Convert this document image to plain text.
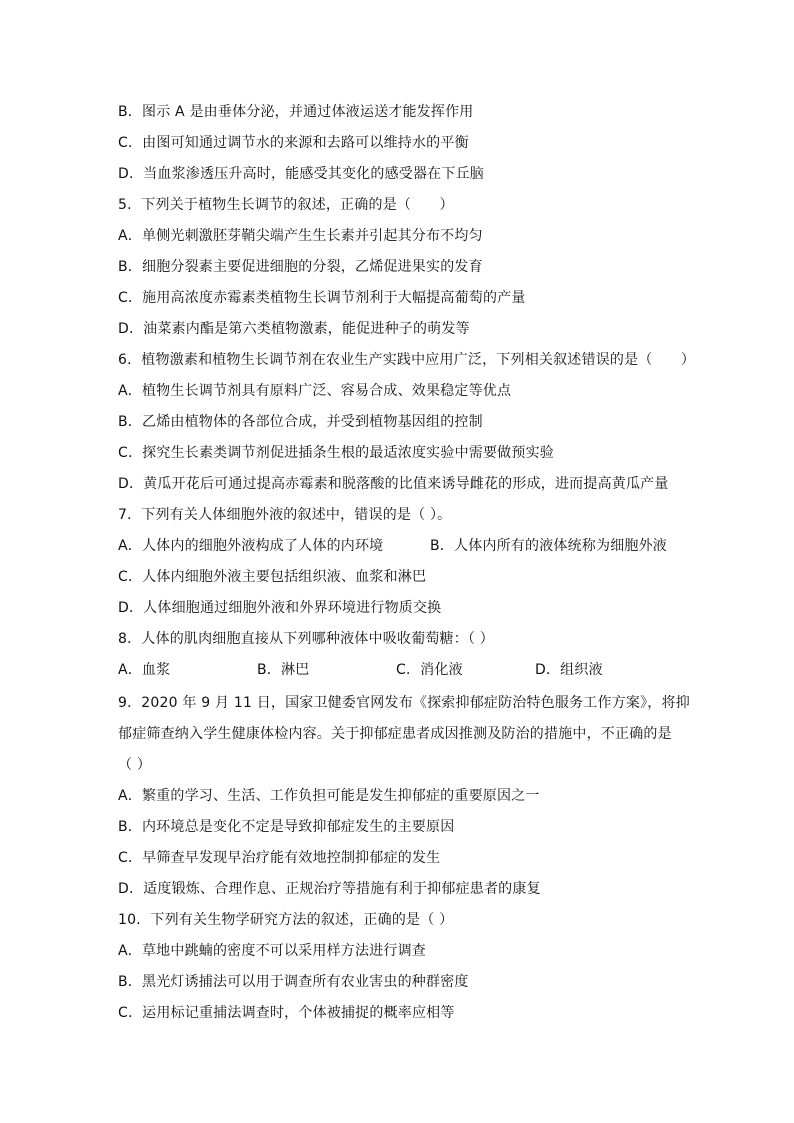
B．图示 A 是由垂体分泌，并通过体液运送才能发挥作用
C．由图可知通过调节水的来源和去路可以维持水的平衡
D．当血浆渗透压升高时，能感受其变化的感受器在下丘脑
5．下列关于植物生长调节的叙述，正确的是（　　）
A．单侧光刺激胚芽鞘尖端产生生长素并引起其分布不均匀
B．细胞分裂素主要促进细胞的分裂，乙烯促进果实的发育
C．施用高浓度赤霉素类植物生长调节剂利于大幅提高葡萄的产量
D．油菜素内酯是第六类植物激素，能促进种子的萌发等
6．植物激素和植物生长调节剂在农业生产实践中应用广泛，下列相关叙述错误的是（　　）
A．植物生长调节剂具有原料广泛、容易合成、效果稳定等优点
B．乙烯由植物体的各部位合成，并受到植物基因组的控制
C．探究生长素类调节剂促进插条生根的最适浓度实验中需要做预实验
D．黄瓜开花后可通过提高赤霉素和脱落酸的比值来诱导雌花的形成，进而提高黄瓜产量
7．下列有关人体细胞外液的叙述中，错误的是（ ）。
A．人体内的细胞外液构成了人体的内环境	B．人体内所有的液体统称为细胞外液
C．人体内细胞外液主要包括组织液、血浆和淋巴
D．人体细胞通过细胞外液和外界环境进行物质交换
8．人体的肌肉细胞直接从下列哪种液体中吸收葡萄糖：（ ）
A．血浆	B．淋巴	C．消化液	D．组织液
9．2020 年 9 月 11 日，国家卫健委官网发布《探索抑郁症防治特色服务工作方案》，将抑
郁症筛查纳入学生健康体检内容。关于抑郁症患者成因推测及防治的措施中，不正确的是
（ ）
A．繁重的学习、生活、工作负担可能是发生抑郁症的重要原因之一
B．内环境总是变化不定是导致抑郁症发生的主要原因
C．早筛查早发现早治疗能有效地控制抑郁症的发生
D．适度锻炼、合理作息、正规治疗等措施有利于抑郁症患者的康复
10．下列有关生物学研究方法的叙述，正确的是（ ）
A．草地中跳蝻的密度不可以采用样方法进行调查
B．黑光灯诱捕法可以用于调查所有农业害虫的种群密度
C．运用标记重捕法调查时，个体被捕捉的概率应相等
